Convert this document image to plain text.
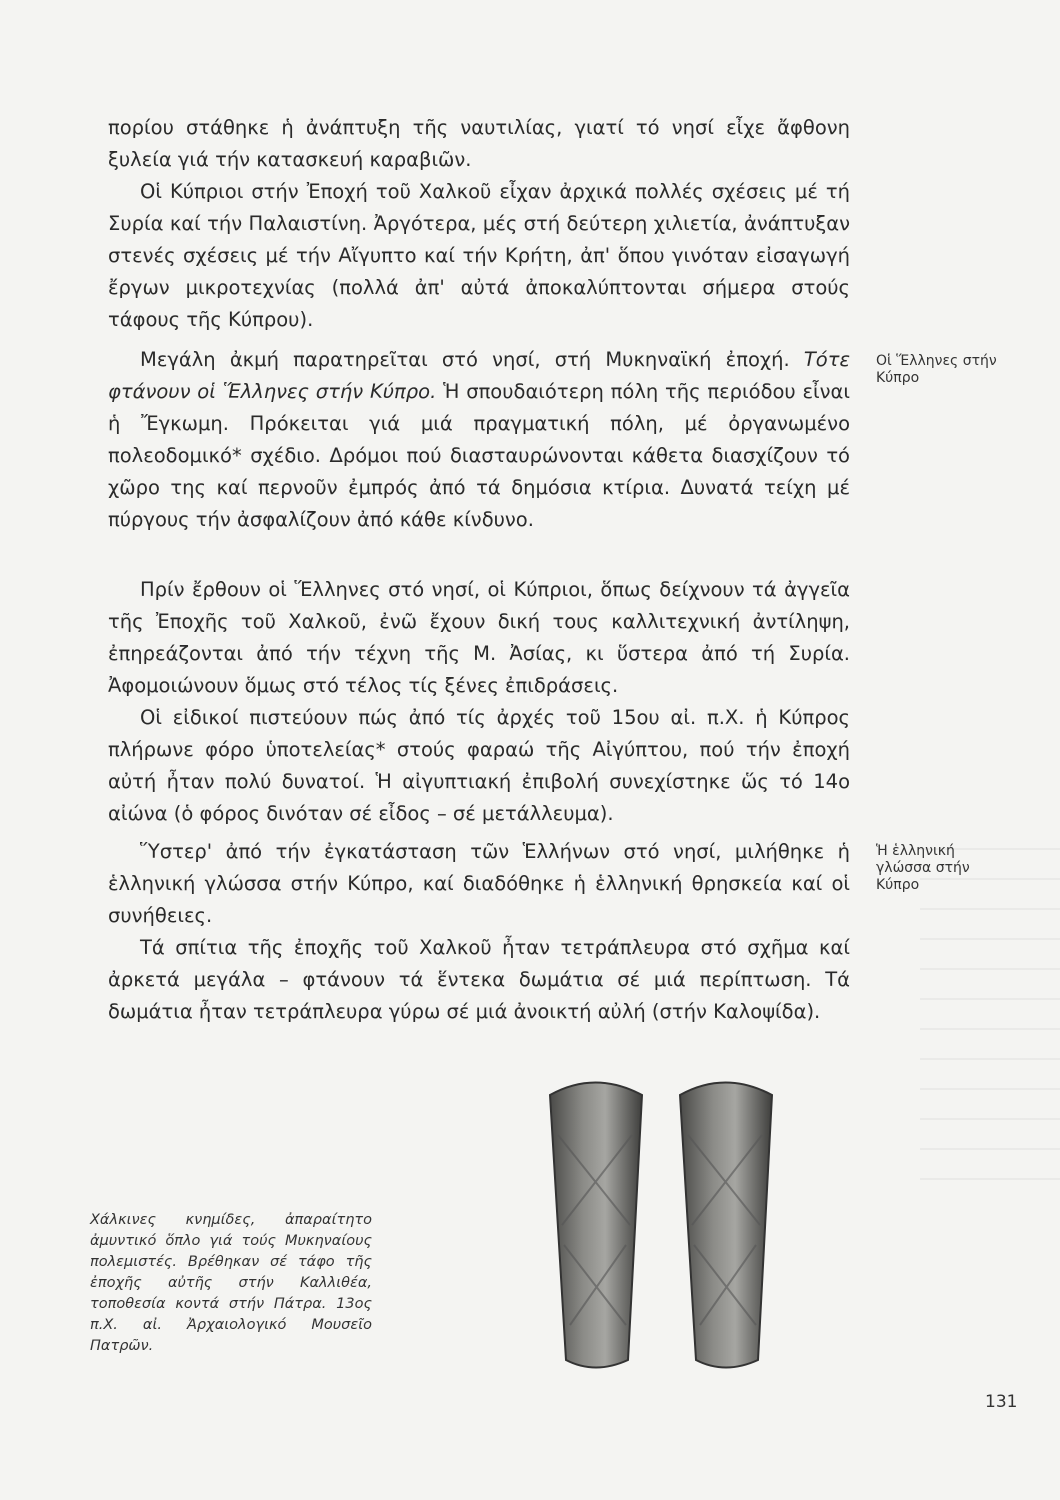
πορίου στάθηκε ἡ ἀνάπτυξη τῆς ναυτιλίας, γιατί τό νησί εἶχε ἄφθονη ξυλεία γιά τήν κατασκευή καραβιῶν.

Οἱ Κύπριοι στήν Ἐποχή τοῦ Χαλκοῦ εἶχαν ἀρχικά πολλές σχέσεις μέ τή Συρία καί τήν Παλαιστίνη. Ἀργότερα, μές στή δεύτερη χιλιετία, ἀνάπτυξαν στενές σχέσεις μέ τήν Αἴγυπτο καί τήν Κρήτη, ἀπ' ὅπου γινόταν εἰσαγωγή ἔργων μικροτεχνίας (πολλά ἀπ' αὐτά ἀποκαλύπτονται σήμερα στούς τάφους τῆς Κύπρου).

Μεγάλη ἀκμή παρατηρεῖται στό νησί, στή Μυκηναϊκή ἐποχή. Τότε φτάνουν οἱ Ἕλληνες στήν Κύπρο. Ἡ σπουδαιότερη πόλη τῆς περιόδου εἶναι ἡ Ἔγκωμη. Πρόκειται γιά μιά πραγματική πόλη, μέ ὀργανωμένο πολεοδομικό* σχέδιο. Δρόμοι πού διασταυρώνονται κάθετα διασχίζουν τό χῶρο της καί περνοῦν ἐμπρός ἀπό τά δημόσια κτίρια. Δυνατά τείχη μέ πύργους τήν ἀσφαλίζουν ἀπό κάθε κίνδυνο.

Πρίν ἔρθουν οἱ Ἕλληνες στό νησί, οἱ Κύπριοι, ὅπως δείχνουν τά ἀγγεῖα τῆς Ἐποχῆς τοῦ Χαλκοῦ, ἐνῶ ἔχουν δική τους καλλιτεχνική ἀντίληψη, ἐπηρεάζονται ἀπό τήν τέχνη τῆς Μ. Ἀσίας, κι ὕστερα ἀπό τή Συρία. Ἀφομοιώνουν ὅμως στό τέλος τίς ξένες ἐπιδράσεις.

Οἱ εἰδικοί πιστεύουν πώς ἀπό τίς ἀρχές τοῦ 15ου αἰ. π.Χ. ἡ Κύπρος πλήρωνε φόρο ὑποτελείας* στούς φαραώ τῆς Αἰγύπτου, πού τήν ἐποχή αὐτή ἦταν πολύ δυνατοί. Ἡ αἰγυπτιακή ἐπιβολή συνεχίστηκε ὥς τό 14ο αἰώνα (ὁ φόρος δινόταν σέ εἶδος – σέ μετάλλευμα).

Ὕστερ' ἀπό τήν ἐγκατάσταση τῶν Ἑλλήνων στό νησί, μιλήθηκε ἡ ἑλληνική γλώσσα στήν Κύπρο, καί διαδόθηκε ἡ ἑλληνική θρησκεία καί οἱ συνήθειες.

Τά σπίτια τῆς ἐποχῆς τοῦ Χαλκοῦ ἦταν τετράπλευρα στό σχῆμα καί ἀρκετά μεγάλα – φτάνουν τά ἕντεκα δωμάτια σέ μιά περίπτωση. Τά δωμάτια ἦταν τετράπλευρα γύρω σέ μιά ἀνοικτή αὐλή (στήν Καλοψίδα).

Οἱ Ἕλληνες στήν Κύπρο
Ἡ ἑλληνική γλώσσα στήν Κύπρο
Χάλκινες κνημίδες, ἀπαραίτητο ἀμυντικό ὅπλο γιά τούς Μυκηναίους πολεμιστές. Βρέθηκαν σέ τάφο τῆς ἐποχῆς αὐτῆς στήν Καλλιθέα, τοποθεσία κοντά στήν Πάτρα. 13ος π.Χ. αἰ. Ἀρχαιολογικό Μουσεῖο Πατρῶν.
131
